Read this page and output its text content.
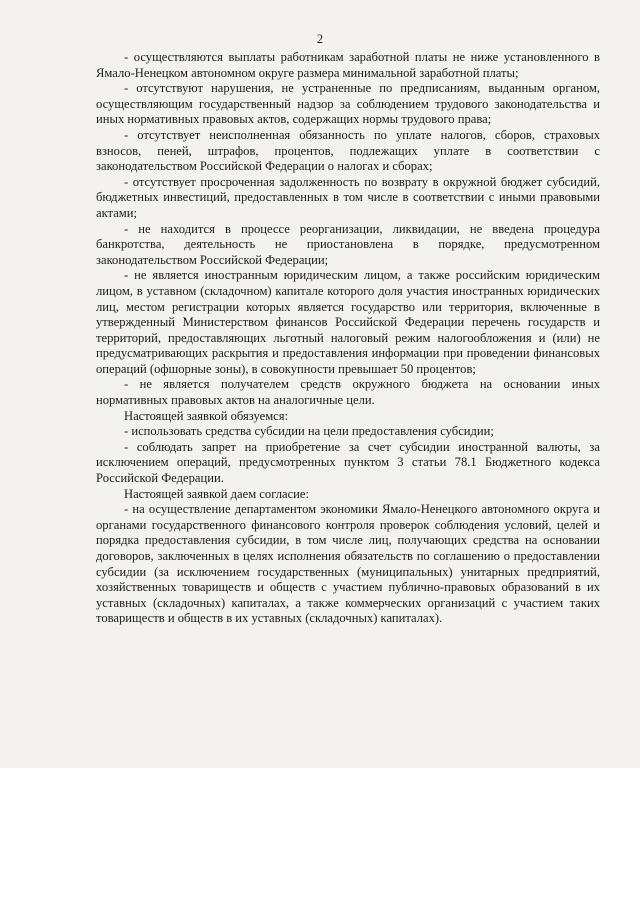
2

- осуществляются выплаты работникам заработной платы не ниже установленного в Ямало-Ненецком автономном округе размера минимальной заработной платы;

- отсутствуют нарушения, не устраненные по предписаниям, выданным органом, осуществляющим государственный надзор за соблюдением трудового законодательства и иных нормативных правовых актов, содержащих нормы трудового права;

- отсутствует неисполненная обязанность по уплате налогов, сборов, страховых взносов, пеней, штрафов, процентов, подлежащих уплате в соответствии с законодательством Российской Федерации о налогах и сборах;

- отсутствует просроченная задолженность по возврату в окружной бюджет субсидий, бюджетных инвестиций, предоставленных в том числе в соответствии с иными правовыми актами;

- не находится в процессе реорганизации, ликвидации, не введена процедура банкротства, деятельность не приостановлена в порядке, предусмотренном законодательством Российской Федерации;

- не является иностранным юридическим лицом, а также российским юридическим лицом, в уставном (складочном) капитале которого доля участия иностранных юридических лиц, местом регистрации которых является государство или территория, включенные в утвержденный Министерством финансов Российской Федерации перечень государств и территорий, предоставляющих льготный налоговый режим налогообложения и (или) не предусматривающих раскрытия и предоставления информации при проведении финансовых операций (офшорные зоны), в совокупности превышает 50 процентов;

- не является получателем средств окружного бюджета на основании иных нормативных правовых актов на аналогичные цели.

Настоящей заявкой обязуемся:

- использовать средства субсидии на цели предоставления субсидии;

- соблюдать запрет на приобретение за счет субсидии иностранной валюты, за исключением операций, предусмотренных пунктом 3 статьи 78.1 Бюджетного кодекса Российской Федерации.

Настоящей заявкой даем согласие:

- на осуществление департаментом экономики Ямало-Ненецкого автономного округа и органами государственного финансового контроля проверок соблюдения условий, целей и порядка предоставления субсидии, в том числе лиц, получающих средства на основании договоров, заключенных в целях исполнения обязательств по соглашению о предоставлении субсидии (за исключением государственных (муниципальных) унитарных предприятий, хозяйственных товариществ и обществ с участием публично-правовых образований в их уставных (складочных) капиталах, а также коммерческих организаций с участием таких товариществ и обществ в их уставных (складочных) капиталах).
